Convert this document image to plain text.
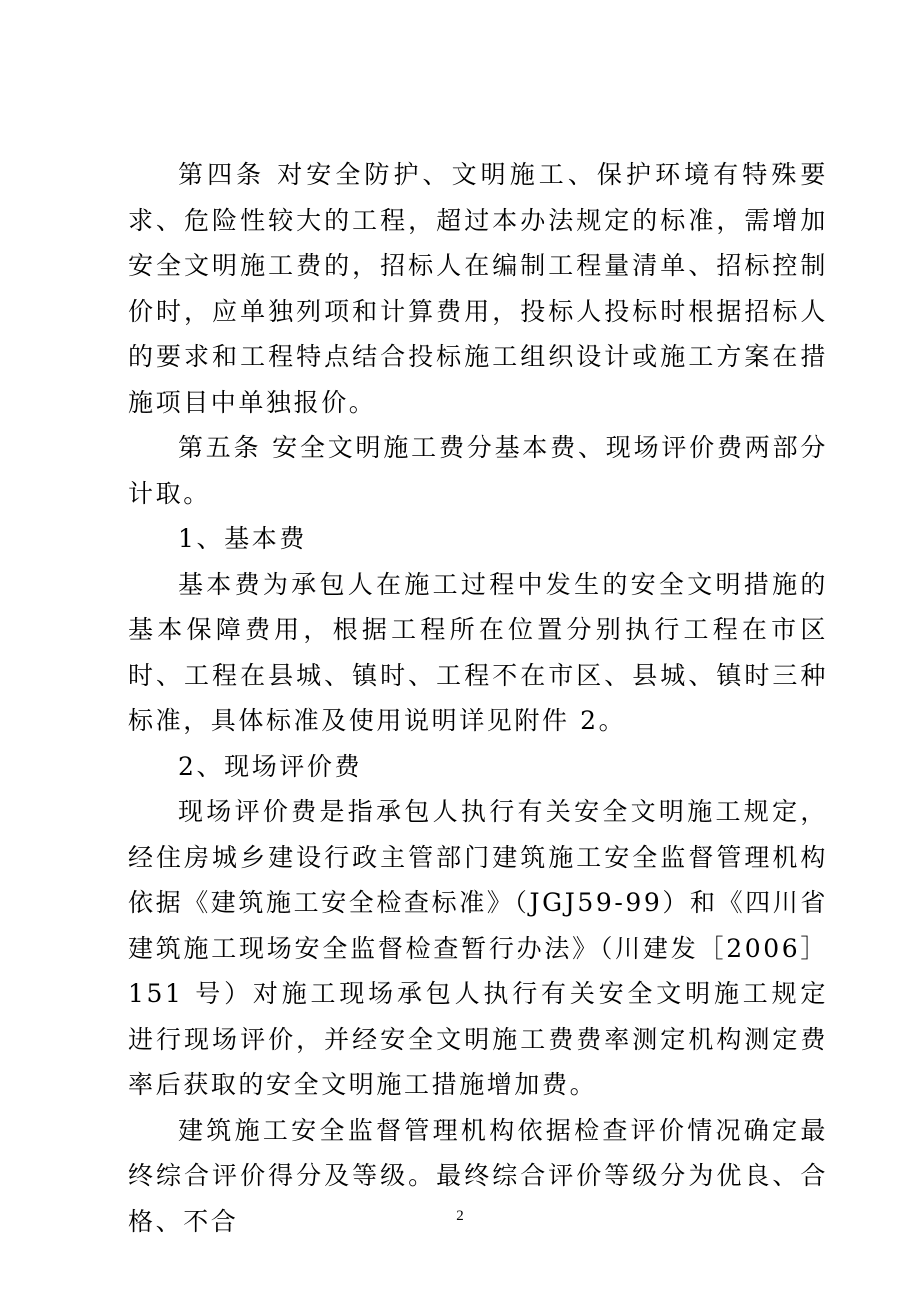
第四条 对安全防护、文明施工、保护环境有特殊要求、危险性较大的工程，超过本办法规定的标准，需增加安全文明施工费的，招标人在编制工程量清单、招标控制价时，应单独列项和计算费用，投标人投标时根据招标人的要求和工程特点结合投标施工组织设计或施工方案在措施项目中单独报价。

第五条 安全文明施工费分基本费、现场评价费两部分计取。

1、基本费

基本费为承包人在施工过程中发生的安全文明措施的基本保障费用，根据工程所在位置分别执行工程在市区时、工程在县城、镇时、工程不在市区、县城、镇时三种标准，具体标准及使用说明详见附件 2。

2、现场评价费

现场评价费是指承包人执行有关安全文明施工规定，经住房城乡建设行政主管部门建筑施工安全监督管理机构依据《建筑施工安全检查标准》（JGJ59-99）和《四川省建筑施工现场安全监督检查暂行办法》（川建发［2006］151 号）对施工现场承包人执行有关安全文明施工规定进行现场评价，并经安全文明施工费费率测定机构测定费率后获取的安全文明施工措施增加费。

建筑施工安全监督管理机构依据检查评价情况确定最终综合评价得分及等级。最终综合评价等级分为优良、合格、不合	2
